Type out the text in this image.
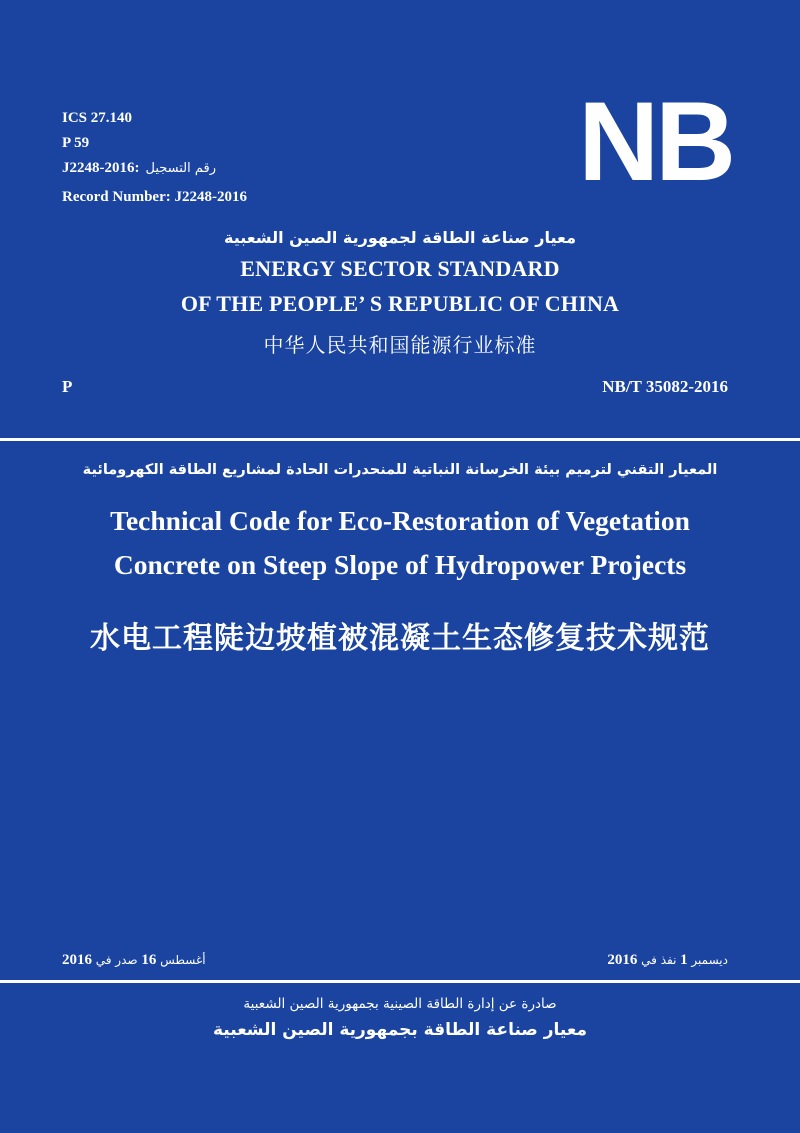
ICS 27.140
P 59
J2248-2016: رقم التسجيل
Record Number: J2248-2016	NB
معيار صناعة الطاقة لجمهورية الصين الشعبية
ENERGY SECTOR STANDARD
OF THE PEOPLE’ S REPUBLIC OF CHINA
中华人民共和国能源行业标准
P	NB/T 35082-2016
المعيار التقني لترميم بيئة الخرسانة النباتية للمنحدرات الحادة لمشاريع الطاقة الكهرومائية
Technical Code for Eco-Restoration of Vegetation
Concrete on Steep Slope of Hydropower Projects
水电工程陡边坡植被混凝土生态修复技术规范
2016	أغسطس 16 صدر في	2016	ديسمبر 1 نفذ في
صادرة عن إدارة الطاقة الصينية بجمهورية الصين الشعبية
معيار صناعة الطاقة بجمهورية الصين الشعبية
